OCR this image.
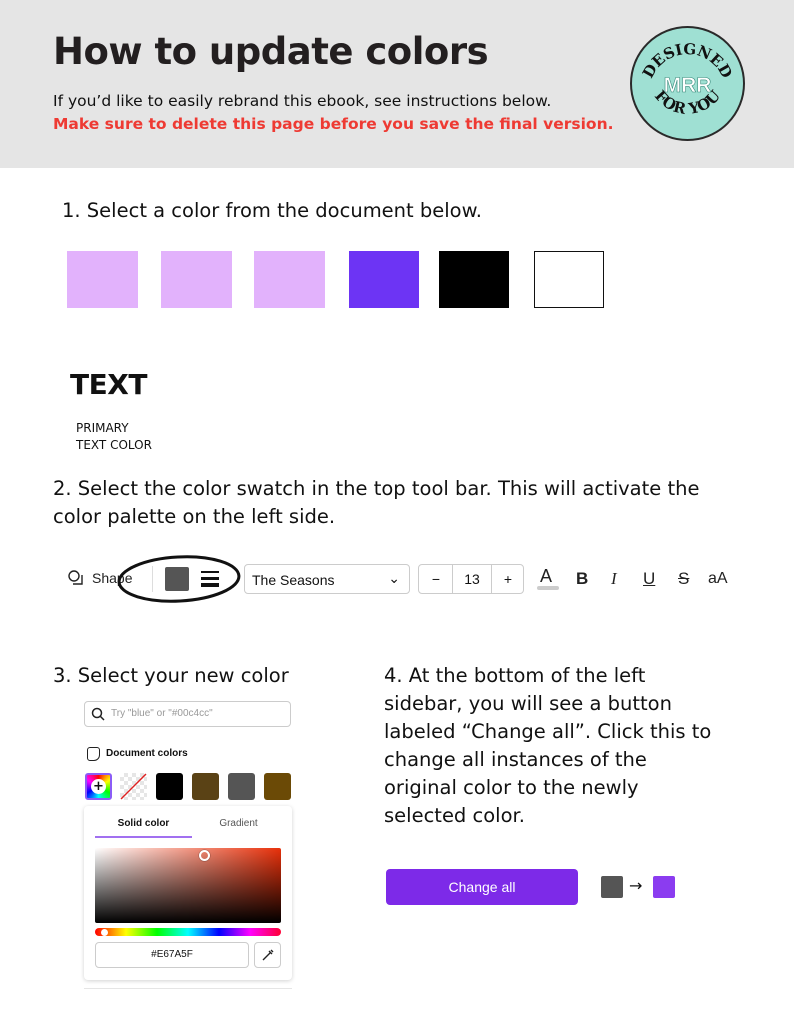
How to update colors
If you’d like to easily rebrand this ebook, see instructions below.
Make sure to delete this page before you save the final version.
DESIGNED
FOR YOU
MRR
1. Select a color from the document below.
TEXT
PRIMARY
TEXT COLOR
2. Select the color swatch in the top tool bar. This will activate the color palette on the left side.
Shape	The Seasons	⌄	−	13	+	A B I U S aA
3. Select your new color
Try "blue" or "#00c4cc"
Document colors
+
Solid color	Gradient
#E67A5F
4. At the bottom of the left sidebar, you will see a button labeled “Change all”. Click this to change all instances of the original color to the newly selected color.
Change all	→
